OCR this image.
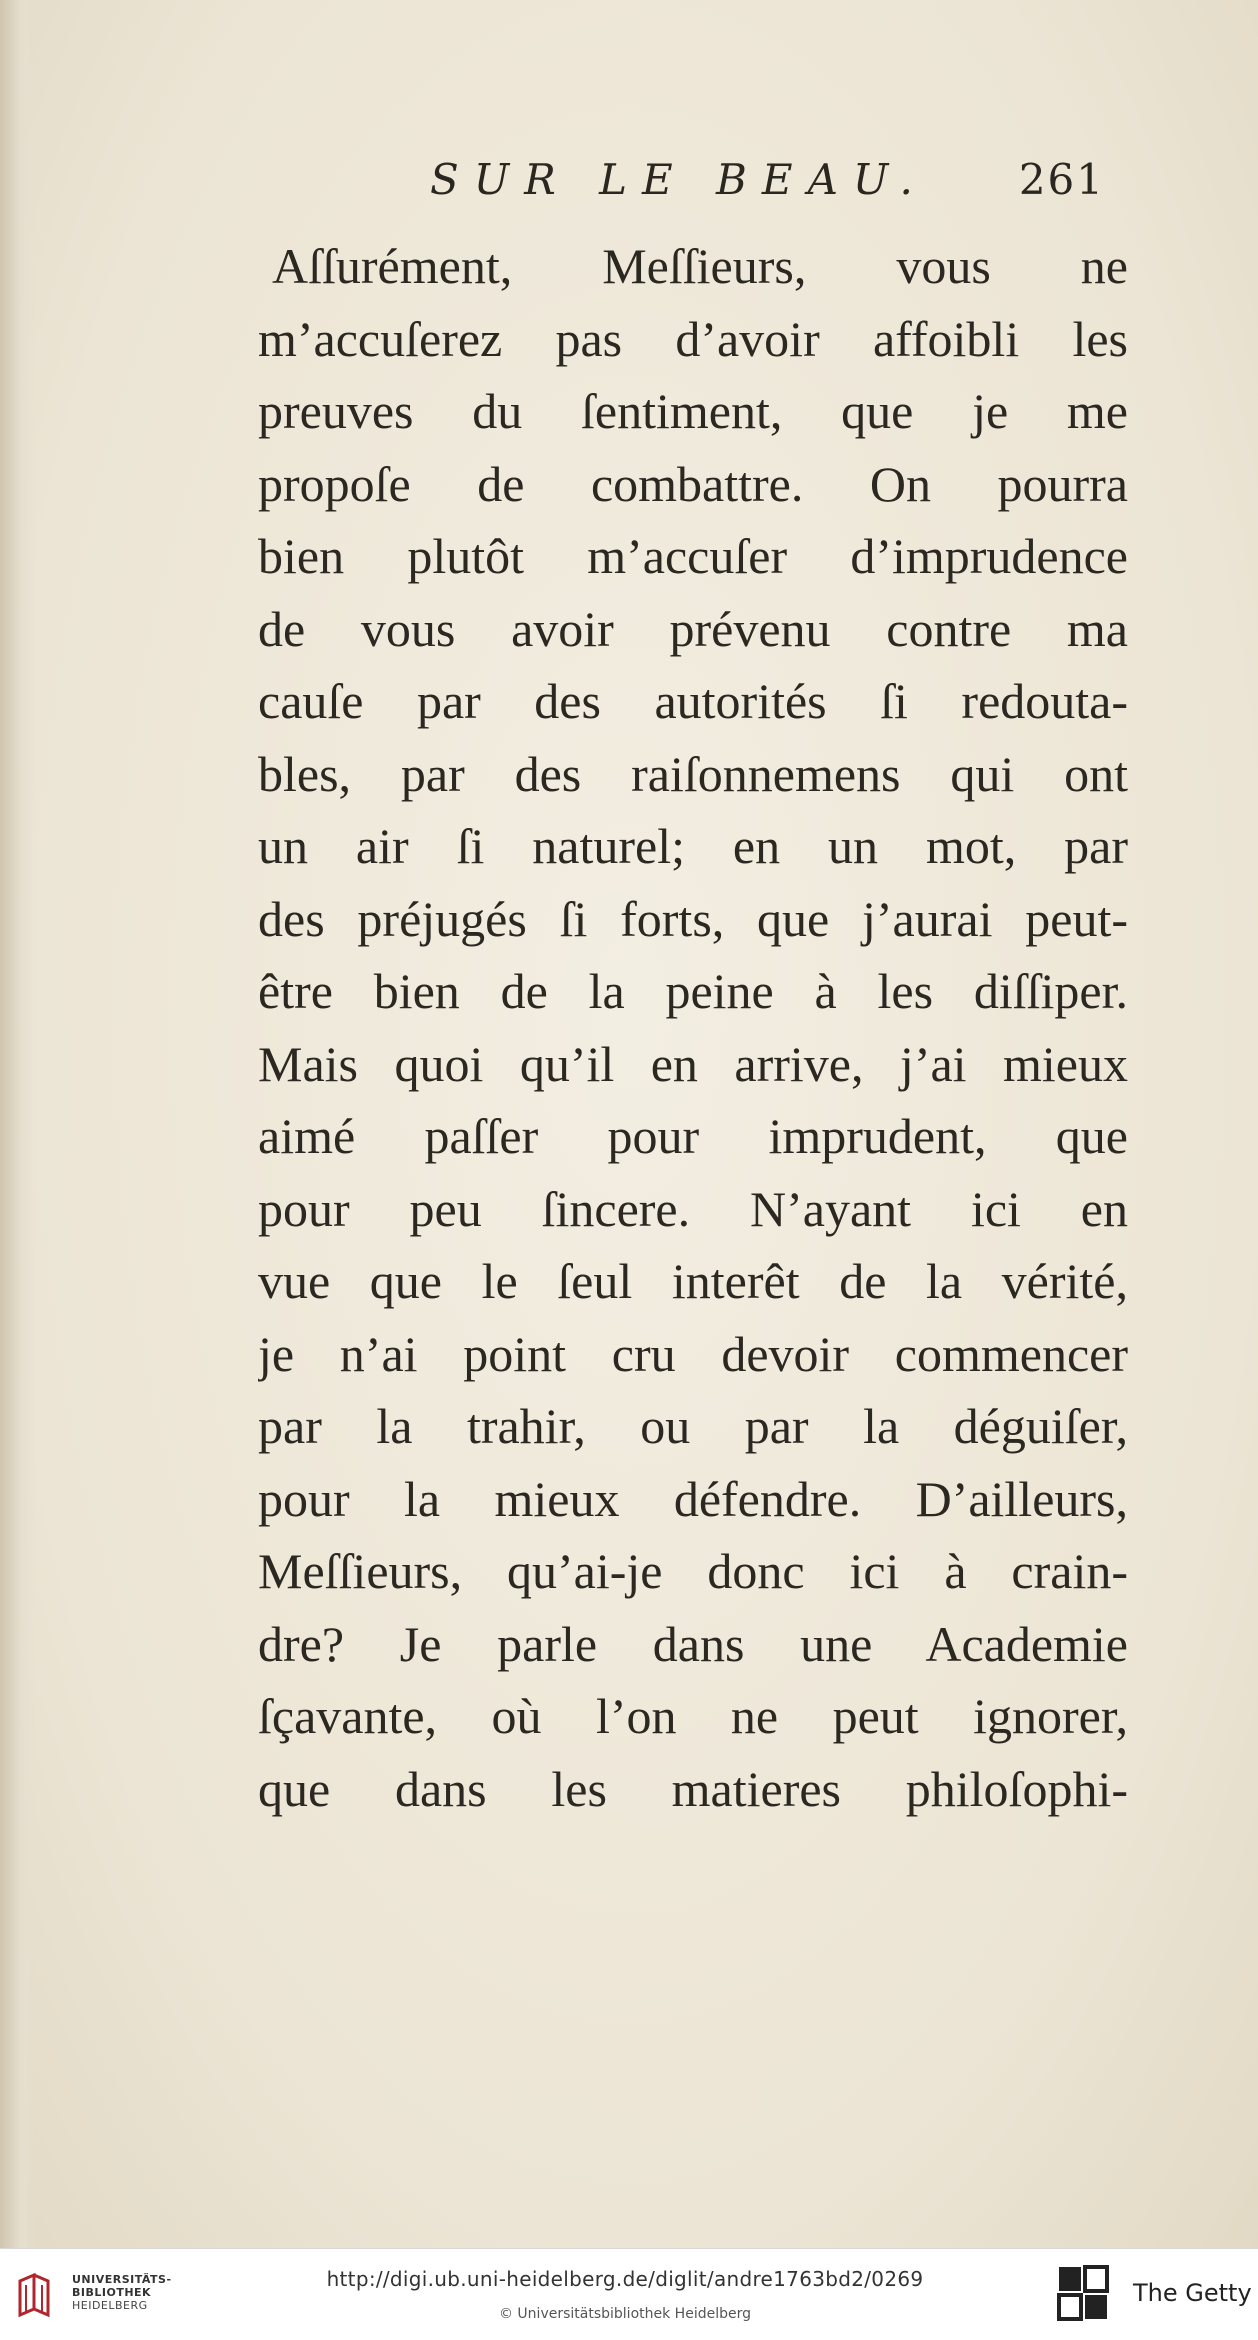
SUR LE BEAU. 261
Aſſurément, Meſſieurs, vous ne
m’accuſerez pas d’avoir affoibli les
preuves du ſentiment, que je me
propoſe de combattre. On pourra
bien plutôt m’accuſer d’imprudence
de vous avoir prévenu contre ma
cauſe par des autorités ſi redouta-
bles, par des raiſonnemens qui ont
un air ſi naturel; en un mot, par
des préjugés ſi forts, que j’aurai peut-
être bien de la peine à les diſſiper.
Mais quoi qu’il en arrive, j’ai mieux
aimé paſſer pour imprudent, que
pour peu ſincere. N’ayant ici en
vue que le ſeul interêt de la vérité,
je n’ai point cru devoir commencer
par la trahir, ou par la déguiſer,
pour la mieux défendre. D’ailleurs,
Meſſieurs, qu’ai-je donc ici à crain-
dre? Je parle dans une Academie
ſçavante, où l’on ne peut ignorer,
que dans les matieres philoſophi-
UNIVERSITÄTS-
BIBLIOTHEK
HEIDELBERG
http://digi.ub.uni-heidelberg.de/diglit/andre1763bd2/0269
© Universitätsbibliothek Heidelberg
The Getty
